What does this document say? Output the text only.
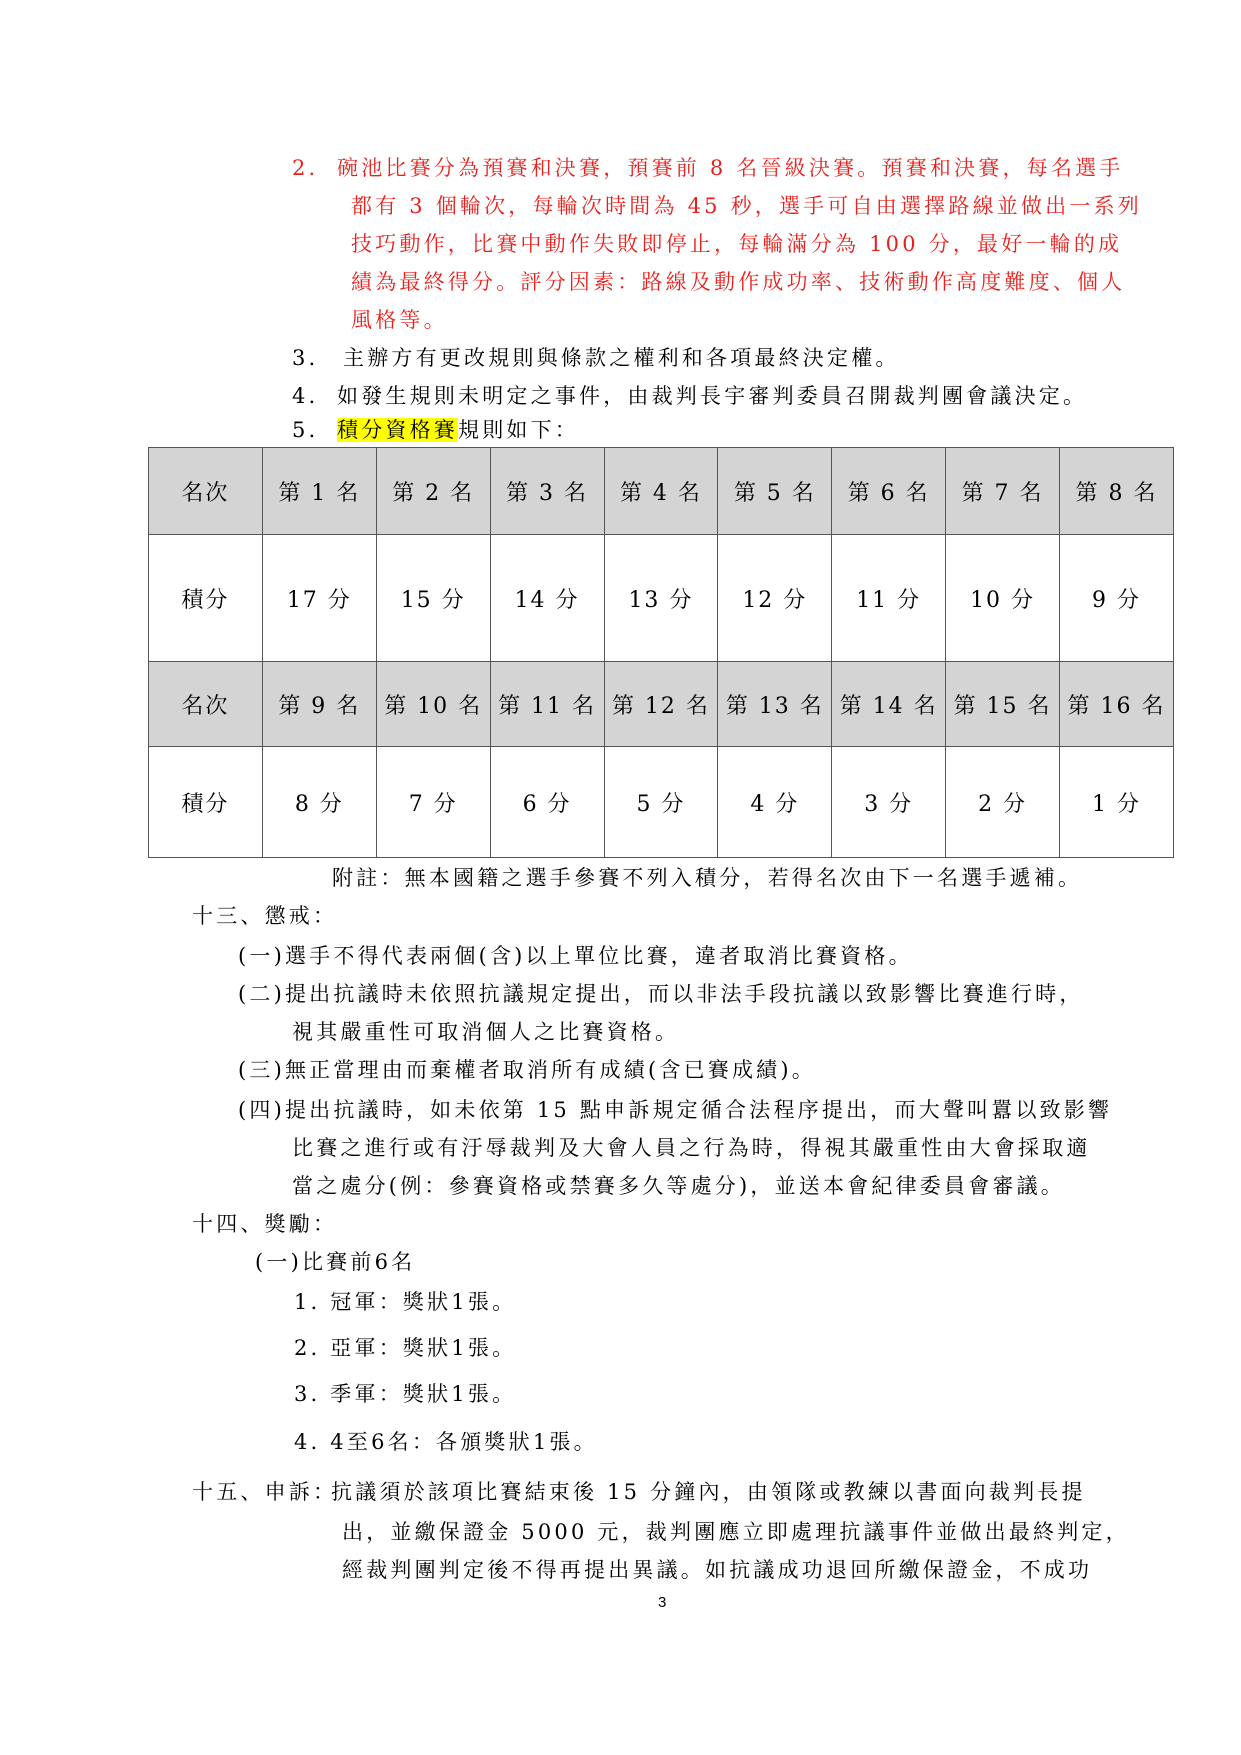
2. 碗池比賽分為預賽和決賽，預賽前 8 名晉級決賽。預賽和決賽，每名選手
都有 3 個輪次，每輪次時間為 45 秒，選手可自由選擇路線並做出一系列
技巧動作，比賽中動作失敗即停止，每輪滿分為 100 分，最好一輪的成
績為最終得分。評分因素：路線及動作成功率、技術動作高度難度、個人
風格等。
3. 主辦方有更改規則與條款之權利和各項最終決定權。
4. 如發生規則未明定之事件，由裁判長宇審判委員召開裁判團會議決定。
5. 積分資格賽規則如下：
名次	第 1 名	第 2 名	第 3 名	第 4 名	第 5 名	第 6 名	第 7 名	第 8 名
積分	17 分	15 分	14 分	13 分	12 分	11 分	10 分	9 分
名次	第 9 名	第 10 名	第 11 名	第 12 名	第 13 名	第 14 名	第 15 名	第 16 名
積分	8 分	7 分	6 分	5 分	4 分	3 分	2 分	1 分
附註：無本國籍之選手參賽不列入積分，若得名次由下一名選手遞補。
十三、懲戒：
(一)選手不得代表兩個(含)以上單位比賽，違者取消比賽資格。
(二)提出抗議時未依照抗議規定提出，而以非法手段抗議以致影響比賽進行時，
視其嚴重性可取消個人之比賽資格。
(三)無正當理由而棄權者取消所有成績(含已賽成績)。
(四)提出抗議時，如未依第 15 點申訴規定循合法程序提出，而大聲叫囂以致影響
比賽之進行或有汙辱裁判及大會人員之行為時，得視其嚴重性由大會採取適
當之處分(例：參賽資格或禁賽多久等處分)，並送本會紀律委員會審議。
十四、獎勵：
(一)比賽前6名
1. 冠軍：獎狀1張。
2. 亞軍：獎狀1張。
3. 季軍：獎狀1張。
4. 4至6名：各頒獎狀1張。
十五、申訴：
抗議須於該項比賽結束後 15 分鐘內，由領隊或教練以書面向裁判長提
出，並繳保證金 5000 元，裁判團應立即處理抗議事件並做出最終判定，
經裁判團判定後不得再提出異議。如抗議成功退回所繳保證金，不成功
3
